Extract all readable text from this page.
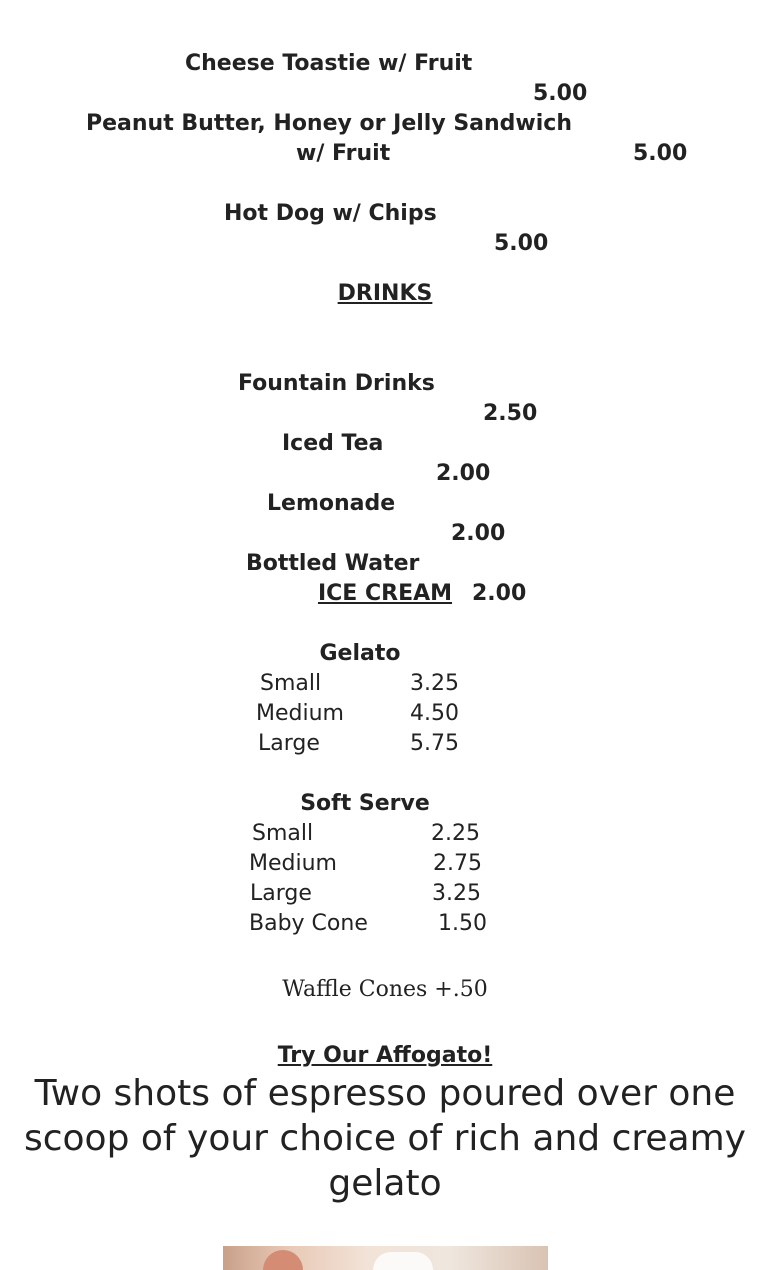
Cheese Toastie w/ Fruit

5.00

Peanut Butter, Honey or Jelly Sandwich

5.00

w/ Fruit

Hot Dog w/ Chips

5.00

DRINKS

Fountain Drinks

2.50

Iced Tea

2.00

Lemonade

2.00

Bottled Water

2.00

ICE CREAM
Gelato
Small	3.25
Medium	4.50
Large	5.75
Soft Serve
Small	2.25
Medium	2.75
Large	3.25
Baby Cone	1.50
Waffle Cones +.50
Try Our Affogato!
Two shots of espresso poured over one scoop of your choice of rich and creamy gelato
